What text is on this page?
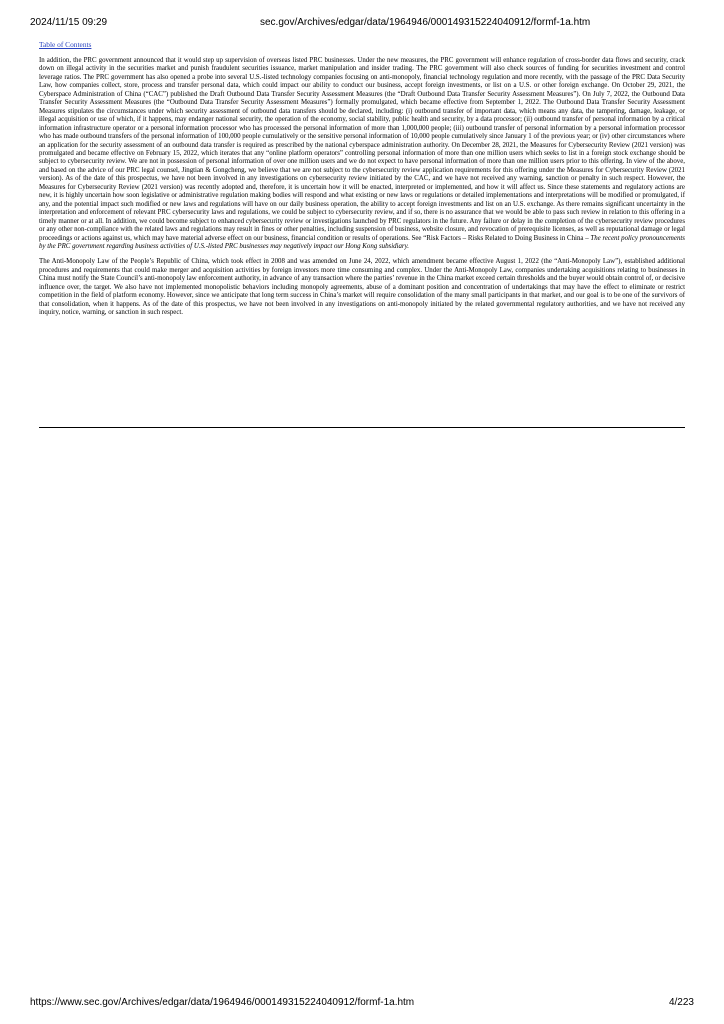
2024/11/15 09:29	sec.gov/Archives/edgar/data/1964946/000149315224040912/formf-1a.htm
Table of Contents

In addition, the PRC government announced that it would step up supervision of overseas listed PRC businesses. Under the new measures, the PRC government will enhance regulation of cross-border data flows and security, crack down on illegal activity in the securities market and punish fraudulent securities issuance, market manipulation and insider trading. The PRC government will also check sources of funding for securities investment and control leverage ratios. The PRC government has also opened a probe into several U.S.-listed technology companies focusing on anti-monopoly, financial technology regulation and more recently, with the passage of the PRC Data Security Law, how companies collect, store, process and transfer personal data, which could impact our ability to conduct our business, accept foreign investments, or list on a U.S. or other foreign exchange. On October 29, 2021, the Cyberspace Administration of China (“CAC”) published the Draft Outbound Data Transfer Security Assessment Measures (the “Draft Outbound Data Transfer Security Assessment Measures”). On July 7, 2022, the Outbound Data Transfer Security Assessment Measures (the “Outbound Data Transfer Security Assessment Measures”) formally promulgated, which became effective from September 1, 2022. The Outbound Data Transfer Security Assessment Measures stipulates the circumstances under which security assessment of outbound data transfers should be declared, including: (i) outbound transfer of important data, which means any data, the tampering, damage, leakage, or illegal acquisition or use of which, if it happens, may endanger national security, the operation of the economy, social stability, public health and security, by a data processor; (ii) outbound transfer of personal information by a critical information infrastructure operator or a personal information processor who has processed the personal information of more than 1,000,000 people; (iii) outbound transfer of personal information by a personal information processor who has made outbound transfers of the personal information of 100,000 people cumulatively or the sensitive personal information of 10,000 people cumulatively since January 1 of the previous year; or (iv) other circumstances where an application for the security assessment of an outbound data transfer is required as prescribed by the national cyberspace administration authority. On December 28, 2021, the Measures for Cybersecurity Review (2021 version) was promulgated and became effective on February 15, 2022, which iterates that any “online platform operators” controlling personal information of more than one million users which seeks to list in a foreign stock exchange should be subject to cybersecurity review. We are not in possession of personal information of over one million users and we do not expect to have personal information of more than one million users prior to this offering. In view of the above, and based on the advice of our PRC legal counsel, Jingtian & Gongcheng, we believe that we are not subject to the cybersecurity review application requirements for this offering under the Measures for Cybersecurity Review (2021 version). As of the date of this prospectus, we have not been involved in any investigations on cybersecurity review initiated by the CAC, and we have not received any warning, sanction or penalty in such respect. However, the Measures for Cybersecurity Review (2021 version) was recently adopted and, therefore, it is uncertain how it will be enacted, interpreted or implemented, and how it will affect us. Since these statements and regulatory actions are new, it is highly uncertain how soon legislative or administrative regulation making bodies will respond and what existing or new laws or regulations or detailed implementations and interpretations will be modified or promulgated, if any, and the potential impact such modified or new laws and regulations will have on our daily business operation, the ability to accept foreign investments and list on an U.S. exchange. As there remains significant uncertainty in the interpretation and enforcement of relevant PRC cybersecurity laws and regulations, we could be subject to cybersecurity review, and if so, there is no assurance that we would be able to pass such review in relation to this offering in a timely manner or at all. In addition, we could become subject to enhanced cybersecurity review or investigations launched by PRC regulators in the future. Any failure or delay in the completion of the cybersecurity review procedures or any other non-compliance with the related laws and regulations may result in fines or other penalties, including suspension of business, website closure, and revocation of prerequisite licenses, as well as reputational damage or legal proceedings or actions against us, which may have material adverse effect on our business, financial condition or results of operations. See “Risk Factors – Risks Related to Doing Business in China – The recent policy pronouncements by the PRC government regarding business activities of U.S.-listed PRC businesses may negatively impact our Hong Kong subsidiary.

The Anti-Monopoly Law of the People’s Republic of China, which took effect in 2008 and was amended on June 24, 2022, which amendment became effective August 1, 2022 (the “Anti-Monopoly Law”), established additional procedures and requirements that could make merger and acquisition activities by foreign investors more time consuming and complex. Under the Anti-Monopoly Law, companies undertaking acquisitions relating to businesses in China must notify the State Council’s anti-monopoly law enforcement authority, in advance of any transaction where the parties’ revenue in the China market exceed certain thresholds and the buyer would obtain control of, or decisive influence over, the target. We also have not implemented monopolistic behaviors including monopoly agreements, abuse of a dominant position and concentration of undertakings that may have the effect to eliminate or restrict competition in the field of platform economy. However, since we anticipate that long term success in China’s market will require consolidation of the many small participants in that market, and our goal is to be one of the survivors of that consolidation, when it happens. As of the date of this prospectus, we have not been involved in any investigations on anti-monopoly initiated by the related governmental regulatory authorities, and we have not received any inquiry, notice, warning, or sanction in such respect.

https://www.sec.gov/Archives/edgar/data/1964946/000149315224040912/formf-1a.htm	4/223
